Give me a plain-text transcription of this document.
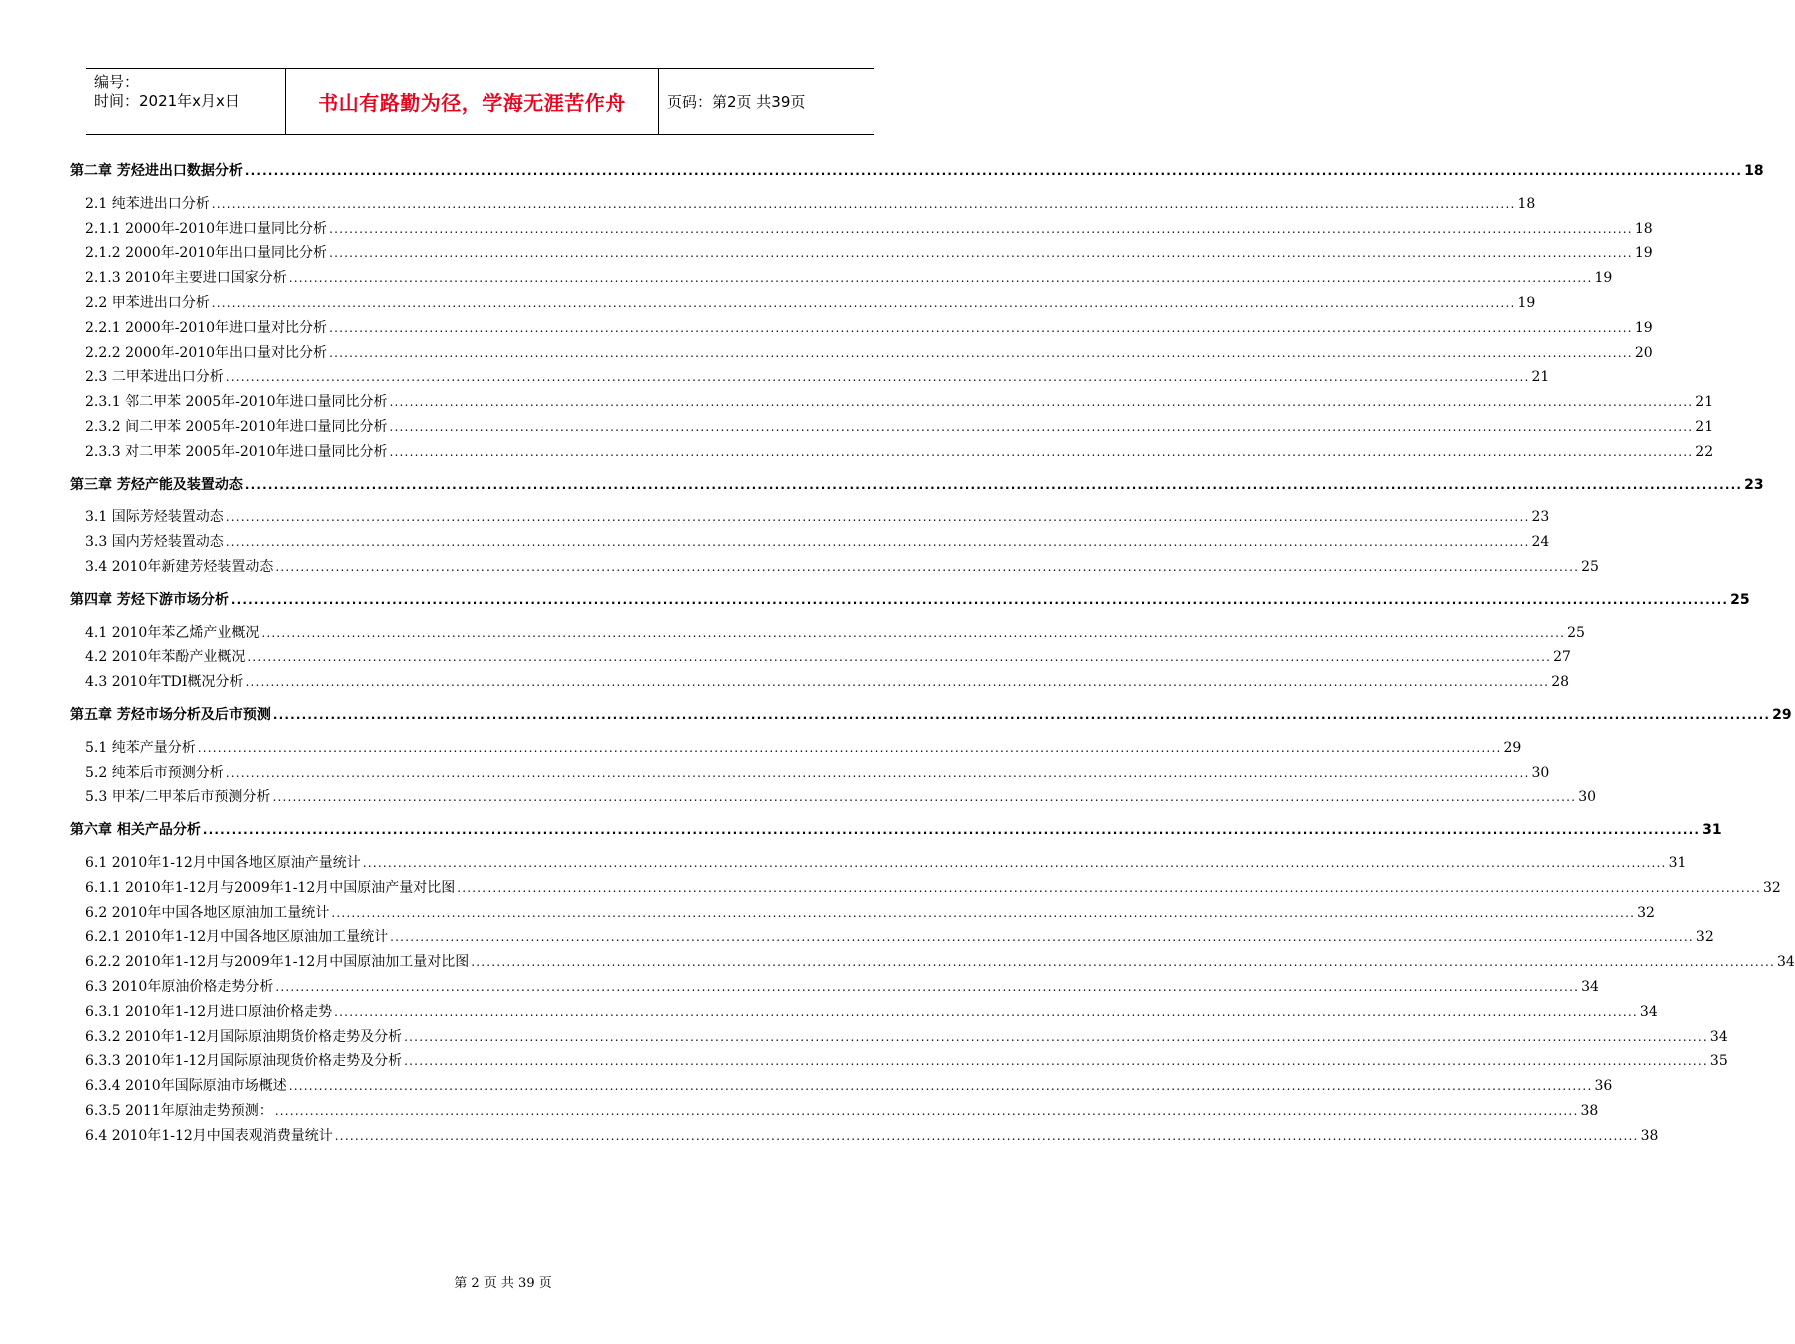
编号：
时间：2021年x月x日	书山有路勤为径，学海无涯苦作舟	页码：第2页 共39页
第二章 芳烃进出口数据分析 .................................................................................................................................................................................................................................................................... 18
2.1 纯苯进出口分析 .................................................................................................................................................................................................................................................................... 18
2.1.1 2000年-2010年进口量同比分析 .................................................................................................................................................................................................................................................................... 18
2.1.2 2000年-2010年出口量同比分析 .................................................................................................................................................................................................................................................................... 19
2.1.3 2010年主要进口国家分析 .................................................................................................................................................................................................................................................................... 19
2.2 甲苯进出口分析 .................................................................................................................................................................................................................................................................... 19
2.2.1 2000年-2010年进口量对比分析 .................................................................................................................................................................................................................................................................... 19
2.2.2 2000年-2010年出口量对比分析 .................................................................................................................................................................................................................................................................... 20
2.3 二甲苯进出口分析 .................................................................................................................................................................................................................................................................... 21
2.3.1 邻二甲苯 2005年-2010年进口量同比分析 .................................................................................................................................................................................................................................................................... 21
2.3.2 间二甲苯 2005年-2010年进口量同比分析 .................................................................................................................................................................................................................................................................... 21
2.3.3 对二甲苯 2005年-2010年进口量同比分析 .................................................................................................................................................................................................................................................................... 22
第三章 芳烃产能及装置动态 .................................................................................................................................................................................................................................................................... 23
3.1 国际芳烃装置动态 .................................................................................................................................................................................................................................................................... 23
3.3 国内芳烃装置动态 .................................................................................................................................................................................................................................................................... 24
3.4 2010年新建芳烃装置动态 .................................................................................................................................................................................................................................................................... 25
第四章 芳烃下游市场分析 .................................................................................................................................................................................................................................................................... 25
4.1 2010年苯乙烯产业概况 .................................................................................................................................................................................................................................................................... 25
4.2 2010年苯酚产业概况 .................................................................................................................................................................................................................................................................... 27
4.3 2010年TDI概况分析 .................................................................................................................................................................................................................................................................... 28
第五章 芳烃市场分析及后市预测 .................................................................................................................................................................................................................................................................... 29
5.1 纯苯产量分析 .................................................................................................................................................................................................................................................................... 29
5.2 纯苯后市预测分析 .................................................................................................................................................................................................................................................................... 30
5.3 甲苯/二甲苯后市预测分析 .................................................................................................................................................................................................................................................................... 30
第六章 相关产品分析 .................................................................................................................................................................................................................................................................... 31
6.1 2010年1-12月中国各地区原油产量统计 .................................................................................................................................................................................................................................................................... 31
6.1.1 2010年1-12月与2009年1-12月中国原油产量对比图 .................................................................................................................................................................................................................................................................... 32
6.2 2010年中国各地区原油加工量统计 .................................................................................................................................................................................................................................................................... 32
6.2.1 2010年1-12月中国各地区原油加工量统计 .................................................................................................................................................................................................................................................................... 32
6.2.2 2010年1-12月与2009年1-12月中国原油加工量对比图 .................................................................................................................................................................................................................................................................... 34
6.3 2010年原油价格走势分析 .................................................................................................................................................................................................................................................................... 34
6.3.1 2010年1-12月进口原油价格走势 .................................................................................................................................................................................................................................................................... 34
6.3.2 2010年1-12月国际原油期货价格走势及分析 .................................................................................................................................................................................................................................................................... 34
6.3.3 2010年1-12月国际原油现货价格走势及分析 .................................................................................................................................................................................................................................................................... 35
6.3.4 2010年国际原油市场概述 .................................................................................................................................................................................................................................................................... 36
6.3.5 2011年原油走势预测： .................................................................................................................................................................................................................................................................... 38
6.4 2010年1-12月中国表观消费量统计 .................................................................................................................................................................................................................................................................... 38
第 2 页 共 39 页
